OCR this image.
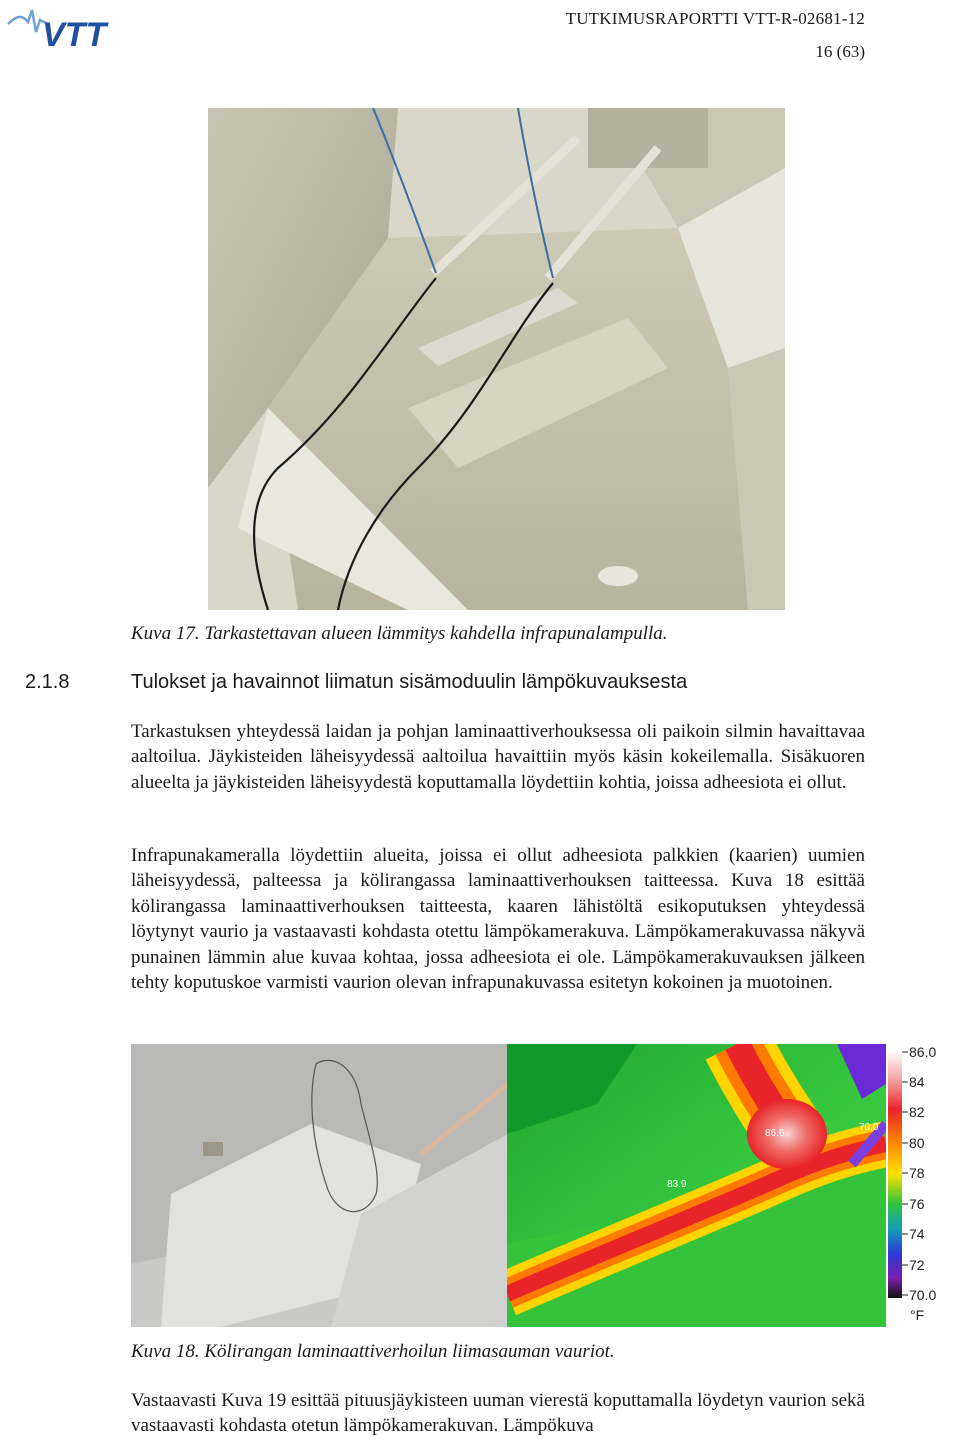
VTT	TUTKIMUSRAPORTTI VTT-R-02681-12
16 (63)
Kuva 17. Tarkastettavan alueen lämmitys kahdella infrapunalampulla.
2.1.8	Tulokset ja havainnot liimatun sisämoduulin lämpökuvauksesta
Tarkastuksen yhteydessä laidan ja pohjan laminaattiverhouksessa oli paikoin silmin havaittavaa aaltoilua. Jäykisteiden läheisyydessä aaltoilua havaittiin myös käsin kokeilemalla. Sisäkuoren alueelta ja jäykisteiden läheisyydestä koputtamalla löydettiin kohtia, joissa adheesiota ei ollut.
Infrapunakameralla löydettiin alueita, joissa ei ollut adheesiota palkkien (kaarien) uumien läheisyydessä, palteessa ja kölirangassa laminaattiverhouksen taitteessa. Kuva 18 esittää kölirangassa laminaattiverhouksen taitteesta, kaaren lähistöltä esikoputuksen yhteydessä löytynyt vaurio ja vastaavasti kohdasta otettu lämpökamerakuva. Lämpökamerakuvassa näkyvä punainen lämmin alue kuvaa kohtaa, jossa adheesiota ei ole. Lämpökamerakuvauksen jälkeen tehty koputuskoe varmisti vaurion olevan infrapunakuvassa esitetyn kokoinen ja muotoinen.
86.6
83.9
70.0
86.0
84
82
80
78
76
74
72
70.0
°F
Kuva 18. Kölirangan laminaattiverhoilun liimasauman vauriot.
Vastaavasti Kuva 19 esittää pituusjäykisteen uuman vierestä koputtamalla löydetyn vaurion sekä vastaavasti kohdasta otetun lämpökamerakuvan. Lämpökuva
